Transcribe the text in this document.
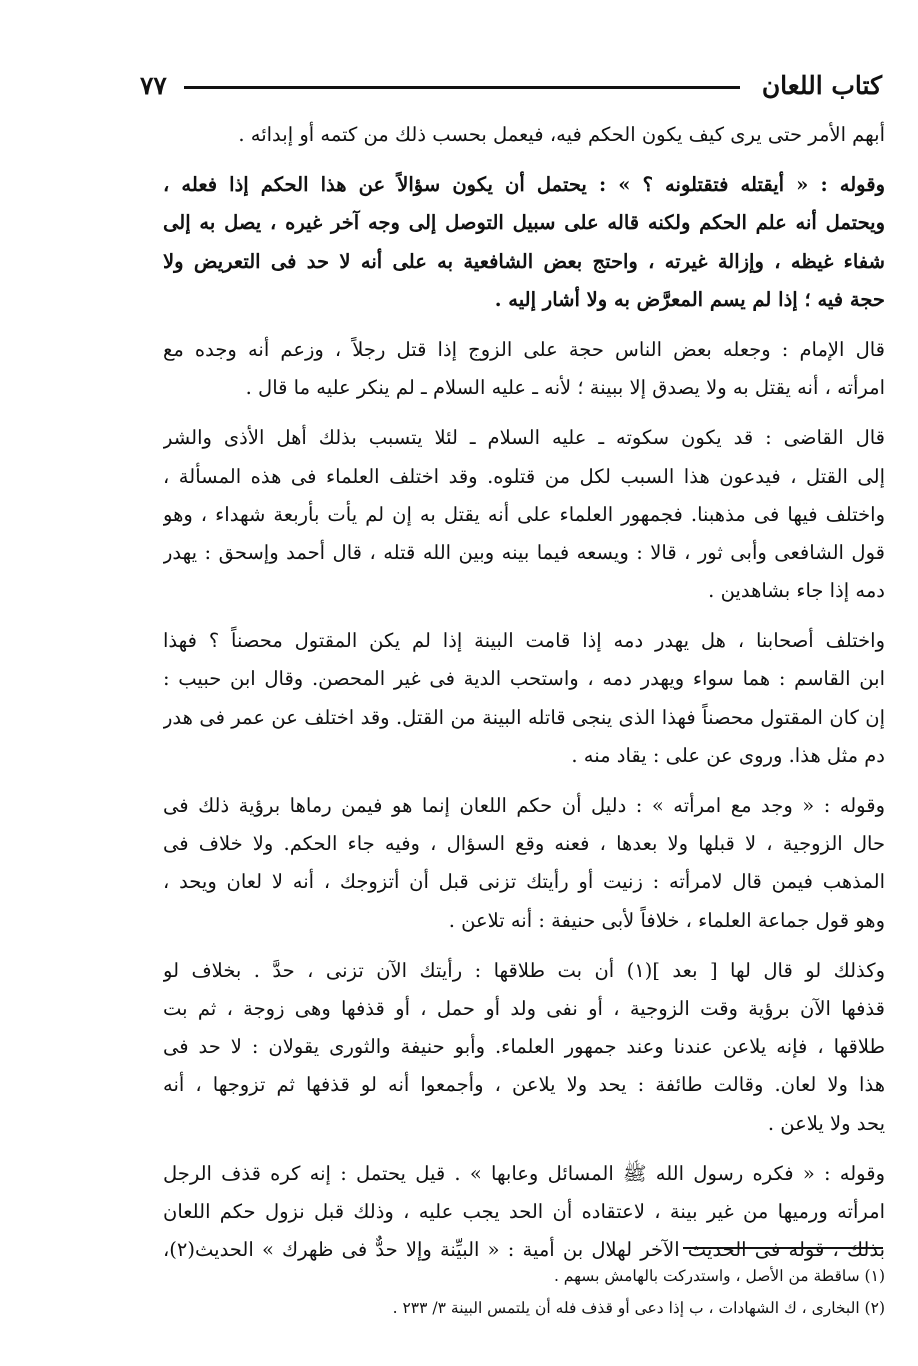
كتاب اللعان
٧٧

أبهم الأمر حتى يرى كيف يكون الحكم فيه، فيعمل بحسب ذلك من كتمه أو إبدائه .

وقوله : « أيقتله فتقتلونه ؟ » : يحتمل أن يكون سؤالاً عن هذا الحكم إذا فعله ،
ويحتمل أنه علم الحكم ولكنه قاله على سبيل التوصل إلى وجه آخر غيره ، يصل به إلى
شفاء غيظه ، وإزالة غيرته ، واحتج بعض الشافعية به على أنه لا حد فى التعريض ولا
حجة فيه ؛ إذا لم يسم المعرَّض به ولا أشار إليه .

قال الإمام : وجعله بعض الناس حجة على الزوج إذا قتل رجلاً ، وزعم أنه وجده مع
امرأته ، أنه يقتل به ولا يصدق إلا ببينة ؛ لأنه ـ عليه السلام ـ لم ينكر عليه ما قال .

قال القاضى : قد يكون سكوته ـ عليه السلام ـ لئلا يتسبب بذلك أهل الأذى والشر
إلى القتل ، فيدعون هذا السبب لكل من قتلوه. وقد اختلف العلماء فى هذه المسألة ،
واختلف فيها فى مذهبنا. فجمهور العلماء على أنه يقتل به إن لم يأت بأربعة شهداء ، وهو
قول الشافعى وأبى ثور ، قالا : ويسعه فيما بينه وبين الله قتله ، قال أحمد وإسحق : يهدر
دمه إذا جاء بشاهدين .

واختلف أصحابنا ، هل يهدر دمه إذا قامت البينة إذا لم يكن المقتول محصناً ؟ فهذا
ابن القاسم : هما سواء ويهدر دمه ، واستحب الدية فى غير المحصن. وقال ابن حبيب :
إن كان المقتول محصناً فهذا الذى ينجى قاتله البينة من القتل. وقد اختلف عن عمر فى هدر
دم مثل هذا. وروى عن على : يقاد منه .

وقوله : « وجد مع امرأته » : دليل أن حكم اللعان إنما هو فيمن رماها برؤية ذلك فى
حال الزوجية ، لا قبلها ولا بعدها ، فعنه وقع السؤال ، وفيه جاء الحكم. ولا خلاف فى
المذهب فيمن قال لامرأته : زنيت أو رأيتك تزنى قبل أن أتزوجك ، أنه لا لعان ويحد ،
وهو قول جماعة العلماء ، خلافاً لأبى حنيفة : أنه تلاعن .

وكذلك لو قال لها [ بعد ](١) أن بت طلاقها : رأيتك الآن تزنى ، حدَّ . بخلاف لو
قذفها الآن برؤية وقت الزوجية ، أو نفى ولد أو حمل ، أو قذفها وهى زوجة ، ثم بت
طلاقها ، فإنه يلاعن عندنا وعند جمهور العلماء. وأبو حنيفة والثورى يقولان : لا حد فى
هذا ولا لعان. وقالت طائفة : يحد ولا يلاعن ، وأجمعوا أنه لو قذفها ثم تزوجها ، أنه
يحد ولا يلاعن .

وقوله : « فكره رسول الله ﷺ المسائل وعابها » . قيل يحتمل : إنه كره قذف الرجل
امرأته ورميها من غير بينة ، لاعتقاده أن الحد يجب عليه ، وذلك قبل نزول حكم اللعان
بذلك ، قوله فى الحديث الآخر لهلال بن أمية : « البيِّنة وإلا حدٌّ فى ظهرك » الحديث(٢)،

(١) ساقطة من الأصل ، واستدركت بالهامش بسهم .
(٢) البخارى ، ك الشهادات ، ب إذا دعى أو قذف فله أن يلتمس البينة ٣/ ٢٣٣ .
